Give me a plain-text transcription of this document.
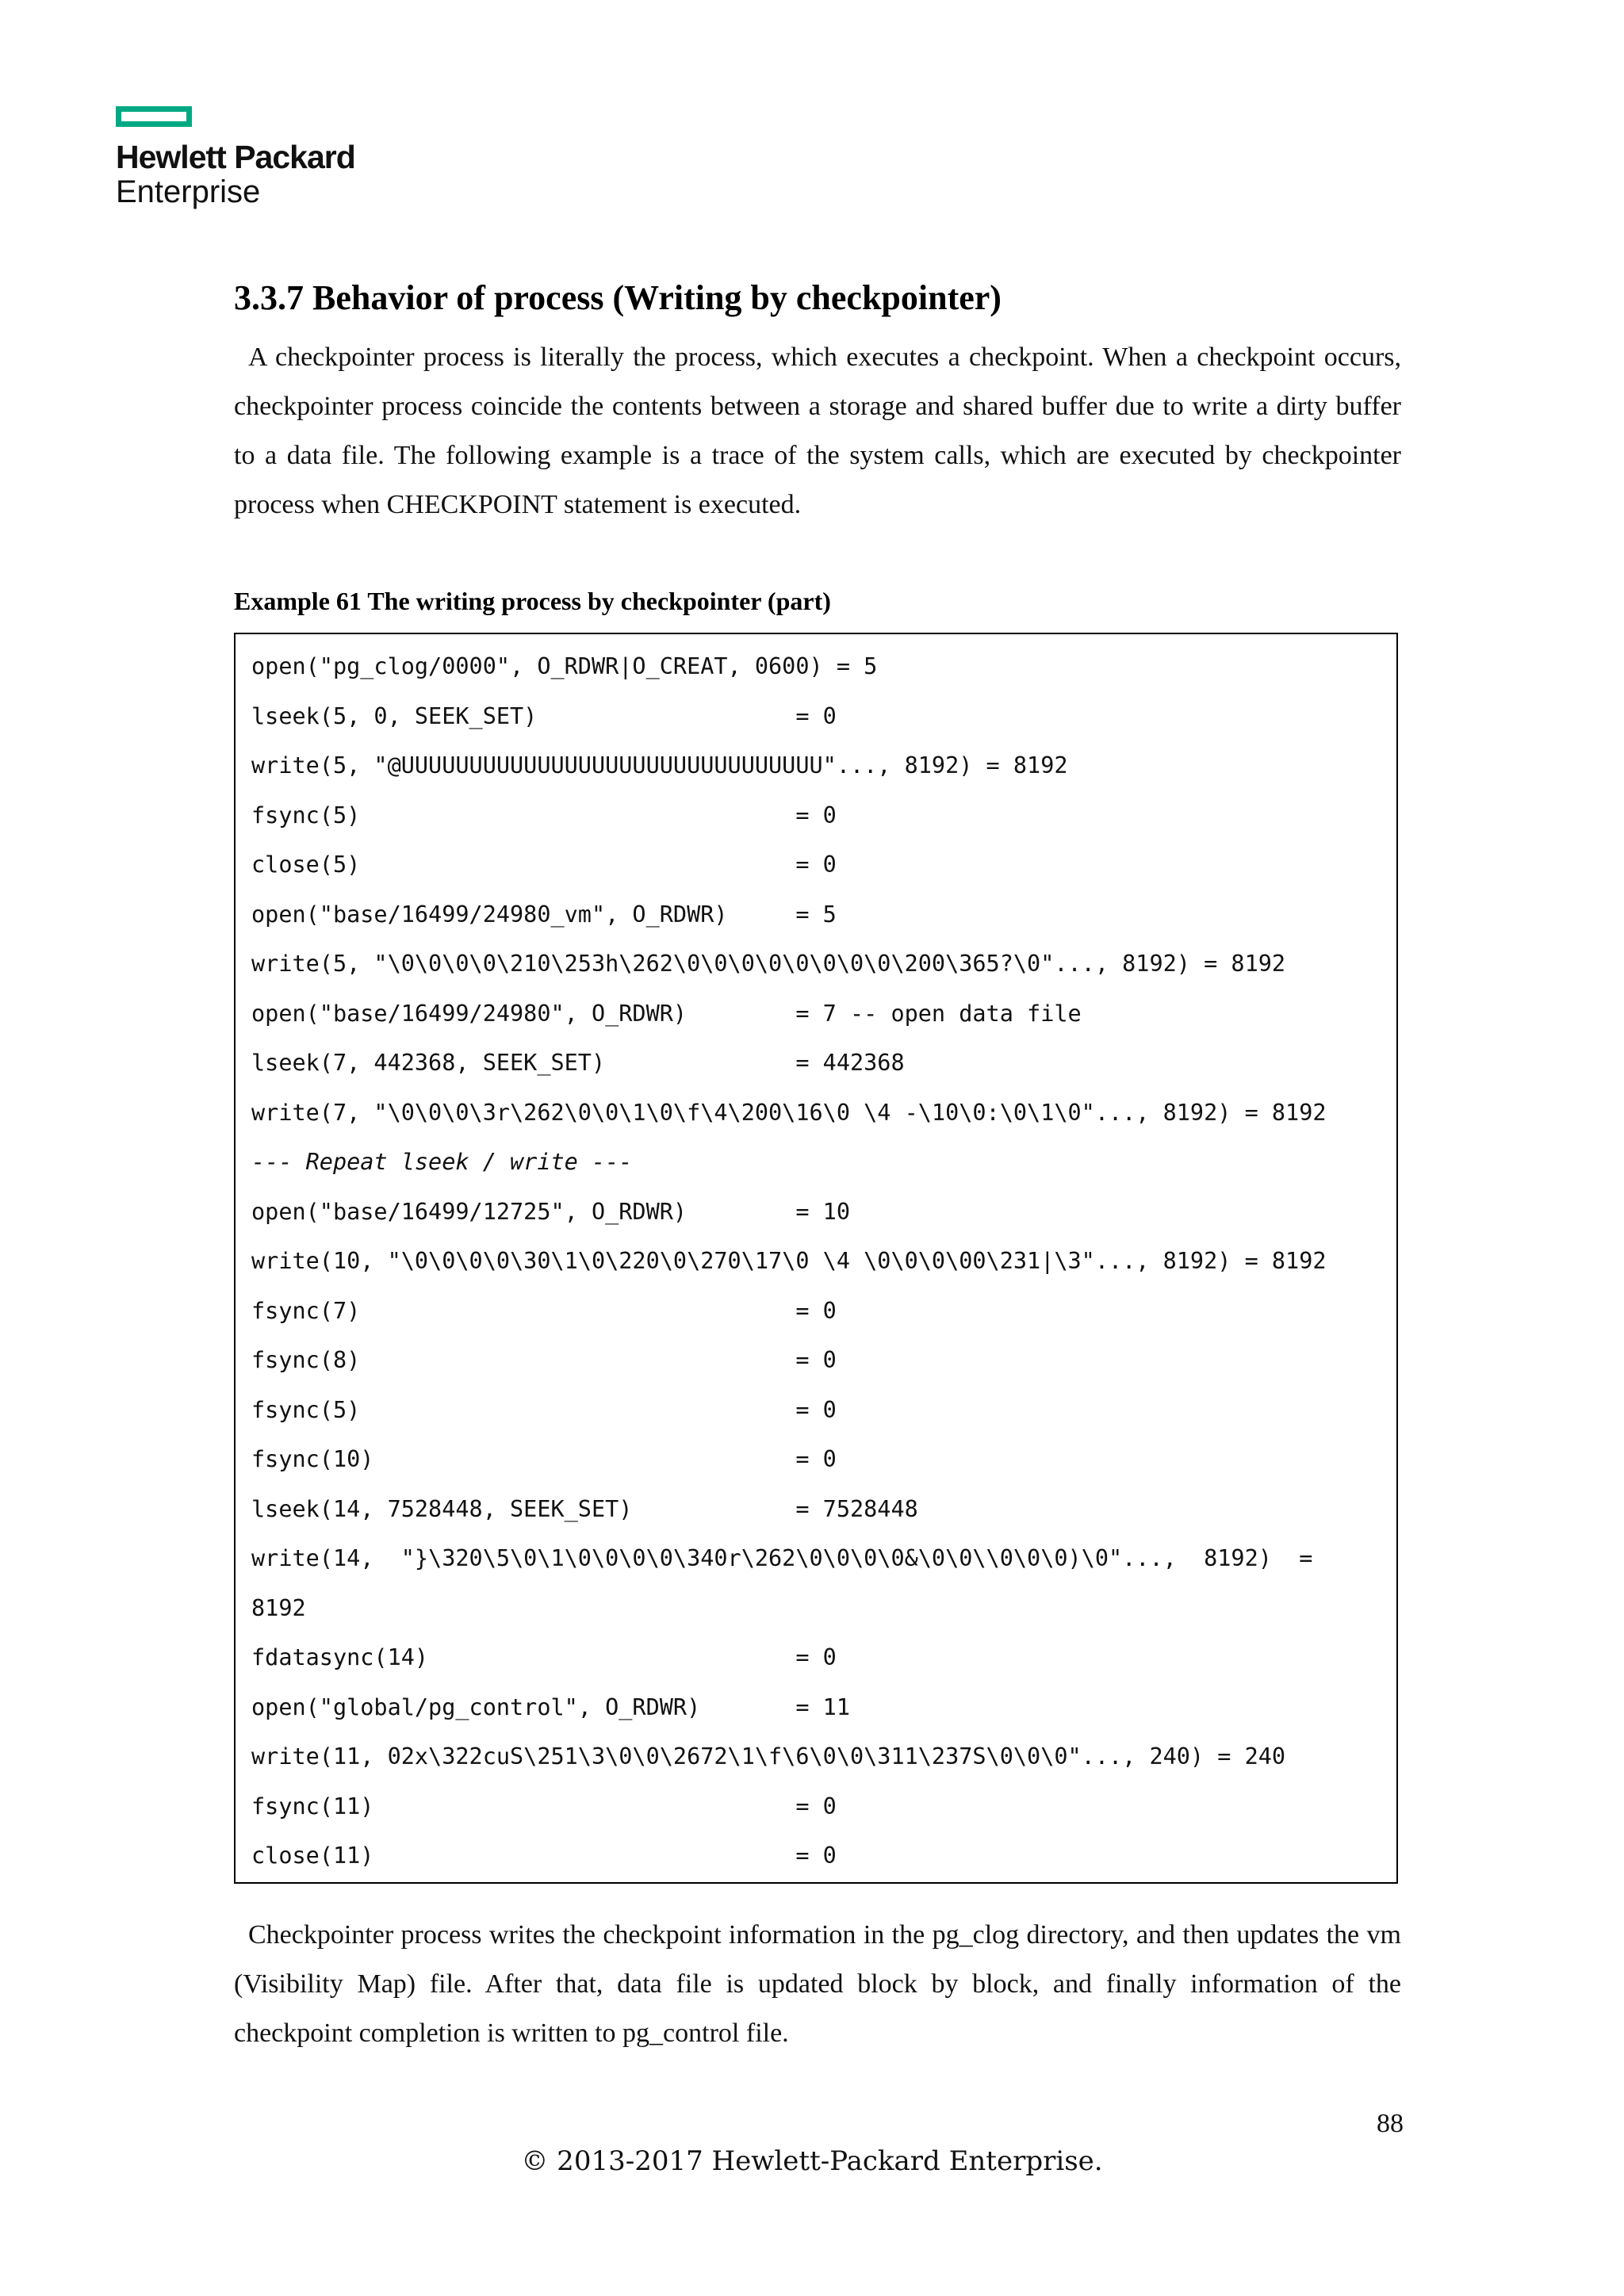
Hewlett Packard
Enterprise
3.3.7 Behavior of process (Writing by checkpointer)
A checkpointer process is literally the process, which executes a checkpoint. When a checkpoint occurs, checkpointer process coincide the contents between a storage and shared buffer due to write a dirty buffer to a data file. The following example is a trace of the system calls, which are executed by checkpointer process when CHECKPOINT statement is executed.
Example 61 The writing process by checkpointer (part)
open("pg_clog/0000", O_RDWR|O_CREAT, 0600) = 5
lseek(5, 0, SEEK_SET)                   = 0
write(5, "@UUUUUUUUUUUUUUUUUUUUUUUUUUUUUUU"..., 8192) = 8192
fsync(5)                                = 0
close(5)                                = 0
open("base/16499/24980_vm", O_RDWR)     = 5
write(5, "\0\0\0\0\210\253h\262\0\0\0\0\0\0\0\0\200\365?\0"..., 8192) = 8192
open("base/16499/24980", O_RDWR)        = 7 -- open data file
lseek(7, 442368, SEEK_SET)              = 442368
write(7, "\0\0\0\3r\262\0\0\1\0\f\4\200\16\0 \4 -\10\0:\0\1\0"..., 8192) = 8192
--- Repeat lseek / write ---
open("base/16499/12725", O_RDWR)        = 10
write(10, "\0\0\0\0\30\1\0\220\0\270\17\0 \4 \0\0\0\00\231|\3"..., 8192) = 8192
fsync(7)                                = 0
fsync(8)                                = 0
fsync(5)                                = 0
fsync(10)                               = 0
lseek(14, 7528448, SEEK_SET)            = 7528448
write(14,  "}\320\5\0\1\0\0\0\0\340r\262\0\0\0\0&\0\0\\0\0\0)\0"...,  8192)  =
8192
fdatasync(14)                           = 0
open("global/pg_control", O_RDWR)       = 11
write(11, 02x\322cuS\251\3\0\0\2672\1\f\6\0\0\311\237S\0\0\0"..., 240) = 240
fsync(11)                               = 0
close(11)                               = 0
Checkpointer process writes the checkpoint information in the pg_clog directory, and then updates the vm (Visibility Map) file. After that, data file is updated block by block, and finally information of the checkpoint completion is written to pg_control file.
88
© 2013-2017 Hewlett-Packard Enterprise.
